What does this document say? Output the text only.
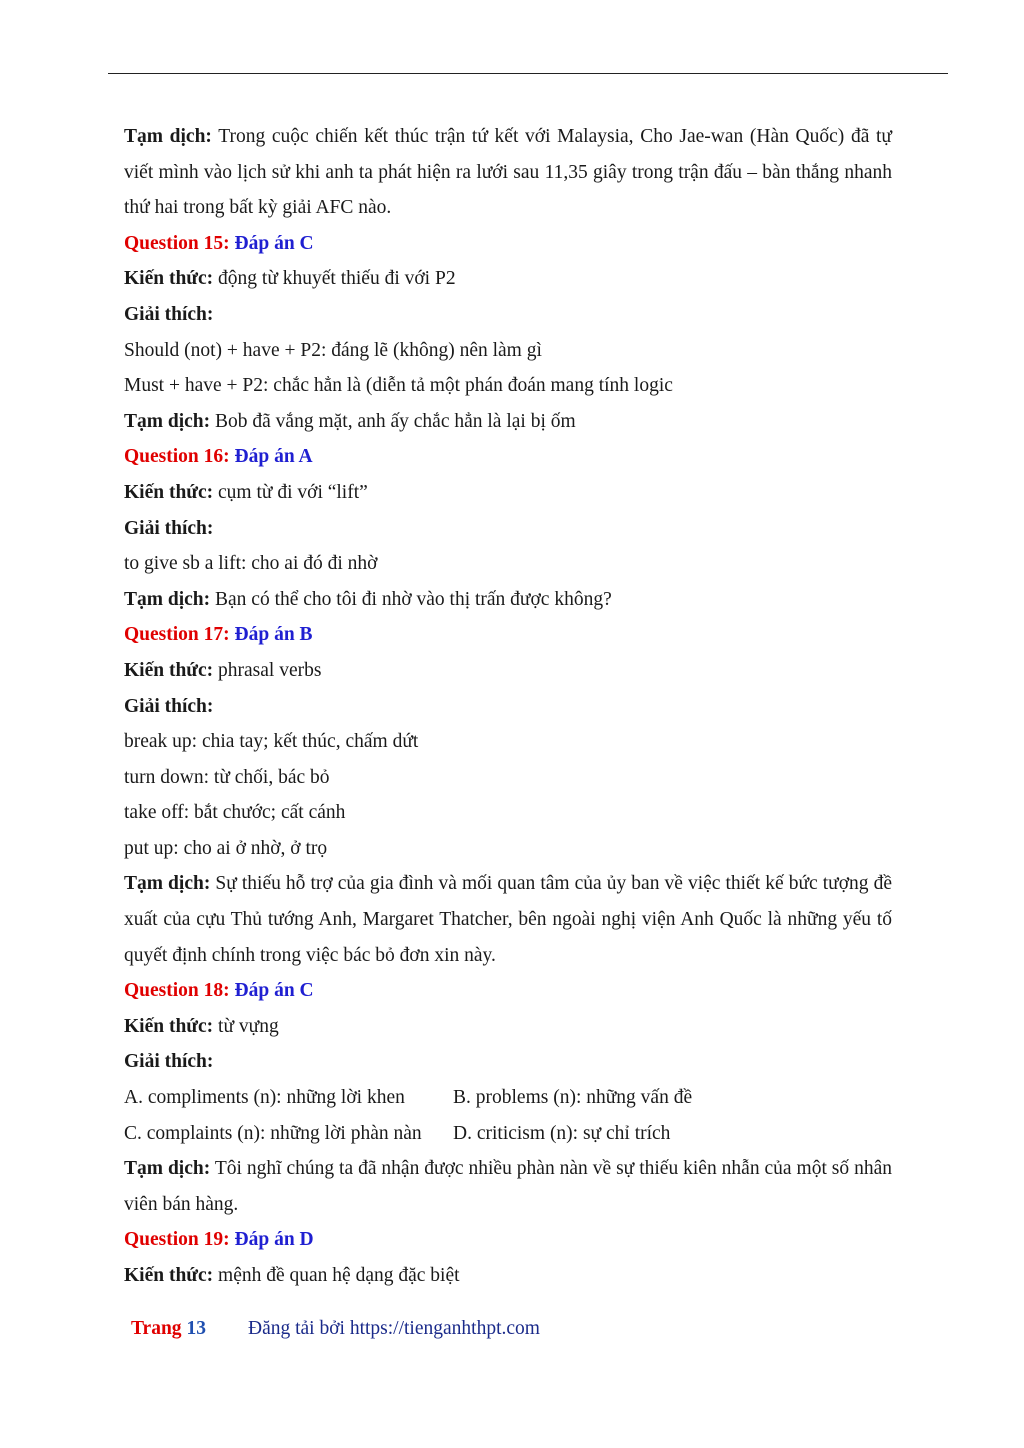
Tạm dịch: Trong cuộc chiến kết thúc trận tứ kết với Malaysia, Cho Jae-wan (Hàn Quốc) đã tự viết mình vào lịch sử khi anh ta phát hiện ra lưới sau 11,35 giây trong trận đấu – bàn thắng nhanh thứ hai trong bất kỳ giải AFC nào.

Question 15: Đáp án C

Kiến thức: động từ khuyết thiếu đi với P2

Giải thích:

Should (not) + have + P2: đáng lẽ (không) nên làm gì

Must + have + P2: chắc hẳn là (diễn tả một phán đoán mang tính logic

Tạm dịch: Bob đã vắng mặt, anh ấy chắc hẳn là lại bị ốm

Question 16: Đáp án A

Kiến thức: cụm từ đi với “lift”

Giải thích:

to give sb a lift: cho ai đó đi nhờ

Tạm dịch: Bạn có thể cho tôi đi nhờ vào thị trấn được không?

Question 17: Đáp án B

Kiến thức: phrasal verbs

Giải thích:

break up: chia tay; kết thúc, chấm dứt

turn down: từ chối, bác bỏ

take off: bắt chước; cất cánh

put up: cho ai ở nhờ, ở trọ

Tạm dịch: Sự thiếu hỗ trợ của gia đình và mối quan tâm của ủy ban về việc thiết kế bức tượng đề xuất của cựu Thủ tướng Anh, Margaret Thatcher, bên ngoài nghị viện Anh Quốc là những yếu tố quyết định chính trong việc bác bỏ đơn xin này.

Question 18: Đáp án C

Kiến thức: từ vựng

Giải thích:

A. compliments (n): những lời khen	B. problems (n): những vấn đề

C. complaints (n): những lời phàn nàn	D. criticism (n): sự chỉ trích

Tạm dịch: Tôi nghĩ chúng ta đã nhận được nhiều phàn nàn về sự thiếu kiên nhẫn của một số nhân viên bán hàng.

Question 19: Đáp án D

Kiến thức: mệnh đề quan hệ dạng đặc biệt

Trang 13 Đăng tải bởi https://tienganhthpt.com
